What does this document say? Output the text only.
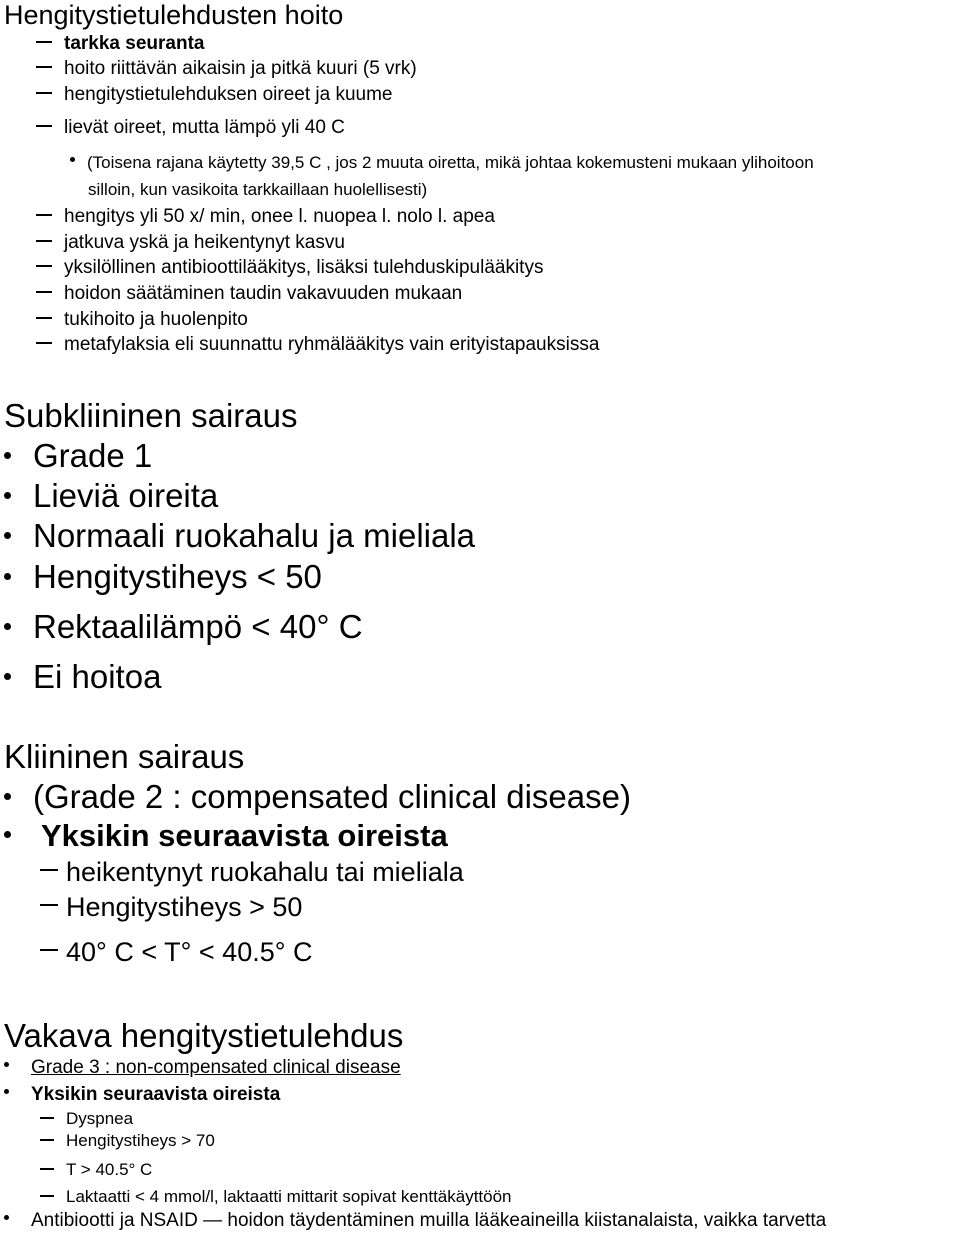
Hengitystietulehdusten hoito
tarkka seuranta
hoito riittävän aikaisin ja pitkä kuuri (5 vrk)
hengitystietulehduksen oireet ja kuume
lievät oireet, mutta lämpö yli 40 C
(Toisena rajana käytetty 39,5 C , jos 2 muuta oiretta, mikä johtaa kokemusteni mukaan ylihoitoon
silloin, kun vasikoita tarkkaillaan huolellisesti)
hengitys yli 50 x/ min, onee l. nuopea l. nolo l. apea
jatkuva yskä ja heikentynyt kasvu
yksilöllinen antibioottilääkitys, lisäksi tulehduskipulääkitys
hoidon säätäminen taudin vakavuuden mukaan
tukihoito ja huolenpito
metafylaksia eli suunnattu ryhmälääkitys vain erityistapauksissa
Subkliininen sairaus
Grade 1
Lieviä oireita
Normaali ruokahalu ja mieliala
Hengitystiheys < 50
Rektaalilämpö < 40° C
Ei hoitoa
Kliininen sairaus
(Grade 2 : compensated clinical disease)
Yksikin seuraavista oireista
heikentynyt ruokahalu tai mieliala
Hengitystiheys > 50
40° C < T° < 40.5° C
Vakava hengitystietulehdus
Grade 3 : non-compensated clinical disease
Yksikin seuraavista oireista
Dyspnea
Hengitystiheys > 70
T > 40.5° C
Laktaatti < 4 mmol/l, laktaatti mittarit sopivat kenttäkäyttöön
Antibiootti ja NSAID — hoidon täydentäminen muilla lääkeaineilla kiistanalaista, vaikka tarvetta
